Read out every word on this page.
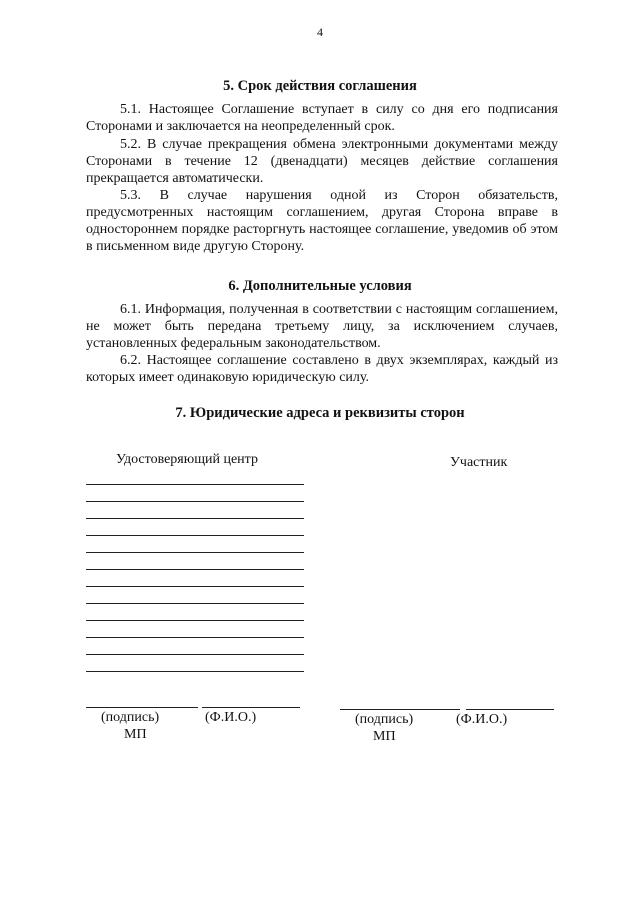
4
5. Срок действия соглашения

5.1. Настоящее Соглашение вступает в силу со дня его подписания Сторонами и заключается на неопределенный срок.

5.2. В случае прекращения обмена электронными документами между Сторонами в течение 12 (двенадцати) месяцев действие соглашения прекращается автоматически.

5.3. В случае нарушения одной из Сторон обязательств, предусмотренных настоящим соглашением, другая Сторона вправе в одностороннем порядке расторгнуть настоящее соглашение, уведомив об этом в письменном виде другую Сторону.

6. Дополнительные условия

6.1. Информация, полученная в соответствии с настоящим соглашением, не может быть передана третьему лицу, за исключением случаев, установленных федеральным законодательством.

6.2. Настоящее соглашение составлено в двух экземплярах, каждый из которых имеет одинаковую юридическую силу.

7. Юридические адреса и реквизиты сторон
Удостоверяющий центр	Участник
(подпись)	(Ф.И.О.)
МП
(подпись)	(Ф.И.О.)
МП
